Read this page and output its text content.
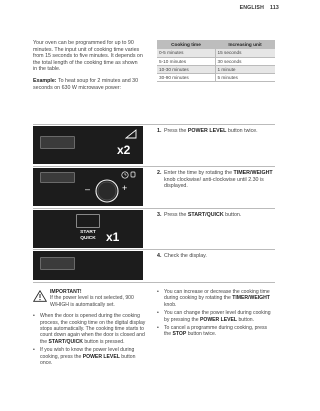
ENGLISH 113

Your oven can be programmed for up to 90 minutes. The input unit of cooking time varies from 15 seconds to five minutes. It depends on the total length of the cooking time as shown in the table.

Example: To heat soup for 2 minutes and 30 seconds on 630 W microwave power:

Cooking time	Increasing unit
0-5 minutes	15 seconds
5-10 minutes	30 seconds
10-30 minutes	1 minute
30-90 minutes	5 minutes
x2
–	+
START
QUICK x1
1. Press the POWER LEVEL button twice.
2. Enter the time by rotating the TIMER/WEIGHT knob clockwise/ anti-clockwise until 2.30 is displayed.
3. Press the START/QUICK button.
4. Check the display.
IMPORTANT!
If the power level is not selected, 900 W/HIGH is automatically set.
• When the door is opened during the cooking process, the cooking time on the digital display stops automatically. The cooking time starts to count down again when the door is closed and the START/QUICK button is pressed.
• If you wish to know the power level during cooking, press the POWER LEVEL button once.
• You can increase or decrease the cooking time during cooking by rotating the TIMER/WEIGHT knob.
• You can change the power level during cooking by pressing the POWER LEVEL button.
• To cancel a programme during cooking, press the STOP button twice.
